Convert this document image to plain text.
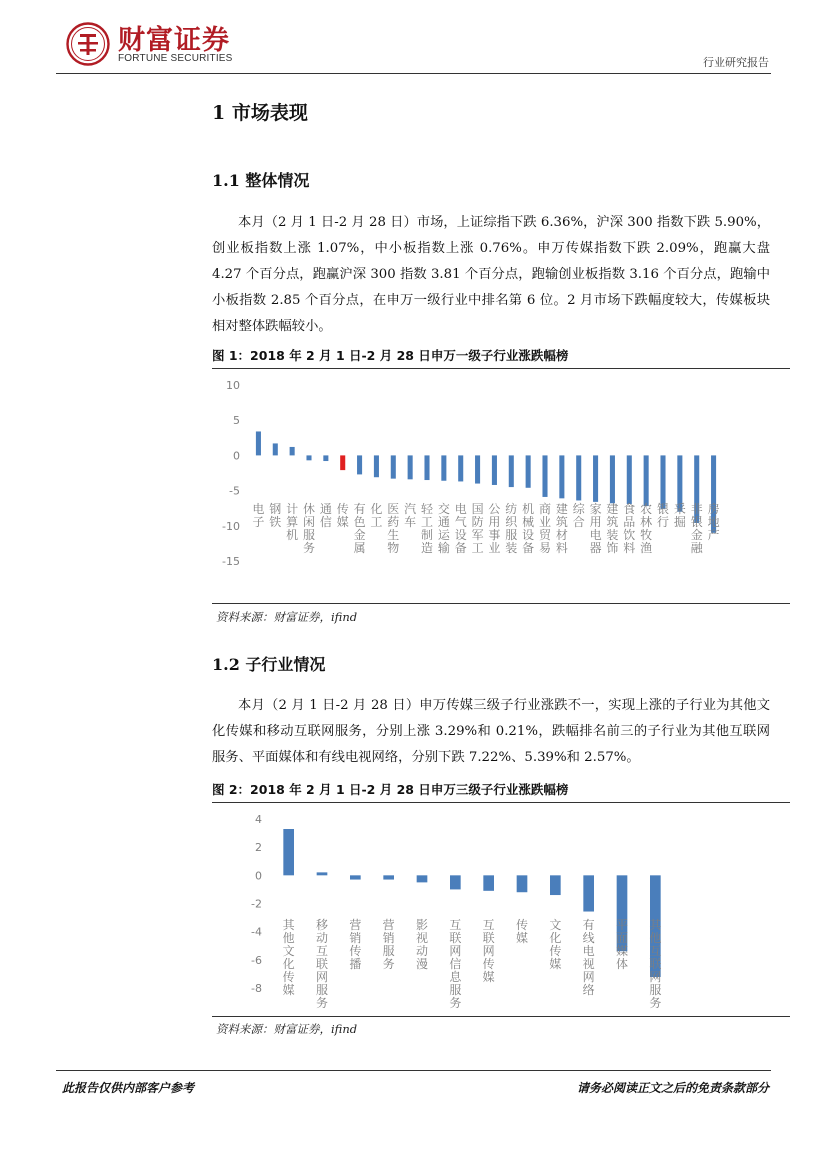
财富证券
FORTUNE SECURITIES	行业研究报告
1 市场表现
1.1 整体情况

本月（2 月 1 日-2 月 28 日）市场，上证综指下跌 6.36%，沪深 300 指数下跌 5.90%，创业板指数上涨 1.07%，中小板指数上涨 0.76%。申万传媒指数下跌 2.09%，跑赢大盘 4.27 个百分点，跑赢沪深 300 指数 3.81 个百分点，跑输创业板指数 3.16 个百分点，跑输中小板指数 2.85 个百分点，在申万一级行业中排名第 6 位。2 月市场下跌幅度较大，传媒板块相对整体跌幅较小。

图 1：2018 年 2 月 1 日-2 月 28 日申万一级子行业涨跌幅榜
10
5
0
-5
-10
-15
电子
钢铁
计算机
休闲服务
通信
传媒
有色金属
化工
医药生物
汽车
轻工制造
交通运输
电气设备
国防军工
公用事业
纺织服装
机械设备
商业贸易
建筑材料
综合
家用电器
建筑装饰
食品饮料
农林牧渔
银行
采掘
非银金融
房地产
资料来源：财富证券，ifind
1.2 子行业情况

本月（2 月 1 日-2 月 28 日）申万传媒三级子行业涨跌不一，实现上涨的子行业为其他文化传媒和移动互联网服务，分别上涨 3.29%和 0.21%，跌幅排名前三的子行业为其他互联网服务、平面媒体和有线电视网络，分别下跌 7.22%、5.39%和 2.57%。

图 2：2018 年 2 月 1 日-2 月 28 日申万三级子行业涨跌幅榜
4
2
0
-2
-4
-6
-8
其他文化传媒
移动互联网服务
营销传播
营销服务
影视动漫
互联网信息服务
互联网传媒
传媒
文化传媒
有线电视网络
平面媒体
其他互联网服务
资料来源：财富证券，ifind
此报告仅供内部客户参考	请务必阅读正文之后的免责条款部分
